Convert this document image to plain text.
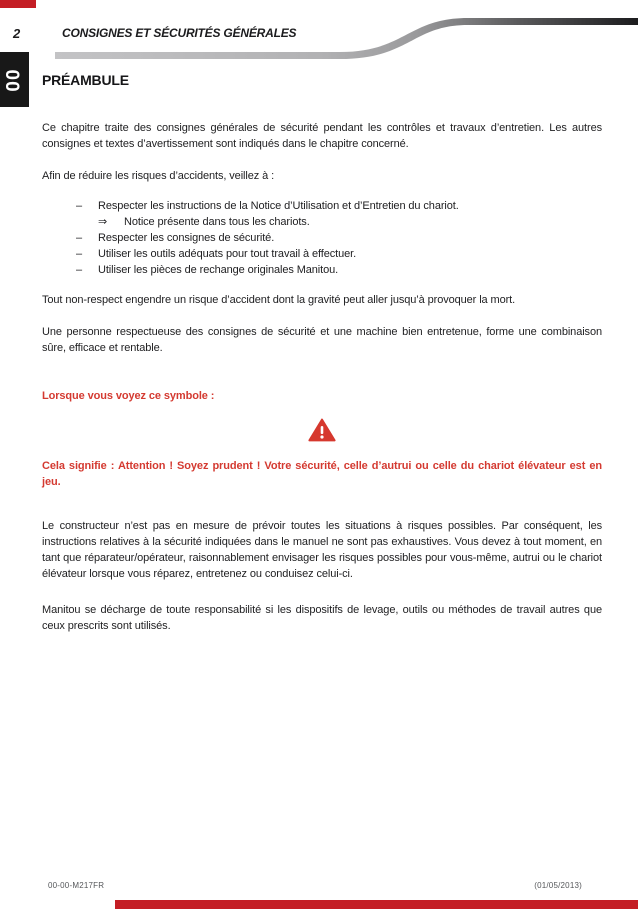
2	CONSIGNES ET SÉCURITÉS GÉNÉRALES
00 PRÉAMBULE

Ce chapitre traite des consignes générales de sécurité pendant les contrôles et travaux d’entretien. Les autres consignes et textes d’avertissement sont indiqués dans le chapitre concerné.

Afin de réduire les risques d’accidents, veillez à :

–	Respecter les instructions de la Notice d’Utilisation et d’Entretien du chariot.
⇒	Notice présente dans tous les chariots.
–	Respecter les consignes de sécurité.
–	Utiliser les outils adéquats pour tout travail à effectuer.
–	Utiliser les pièces de rechange originales Manitou.

Tout non-respect engendre un risque d’accident dont la gravité peut aller jusqu’à provoquer la mort.

Une personne respectueuse des consignes de sécurité et une machine bien entretenue, forme une combinaison sûre, efficace et rentable.

Lorsque vous voyez ce symbole :

Cela signifie : Attention ! Soyez prudent ! Votre sécurité, celle d’autrui ou celle du chariot élévateur est en jeu.

Le constructeur n’est pas en mesure de prévoir toutes les situations à risques possibles. Par conséquent, les instructions relatives à la sécurité indiquées dans le manuel ne sont pas exhaustives. Vous devez à tout moment, en tant que réparateur/opérateur, raisonnablement envisager les risques possibles pour vous-même, autrui ou le chariot élévateur lorsque vous réparez, entretenez ou conduisez celui-ci.

Manitou se décharge de toute responsabilité si les dispositifs de levage, outils ou méthodes de travail autres que ceux prescrits sont utilisés.

00-00-M217FR	(01/05/2013)
